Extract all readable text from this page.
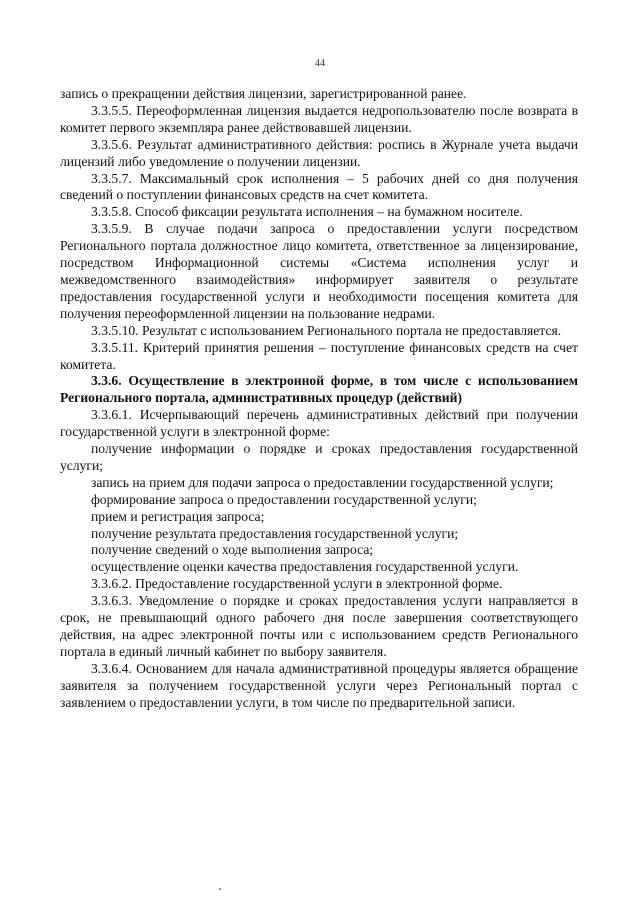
44

запись о прекращении действия лицензии, зарегистрированной ранее.

3.3.5.5. Переоформленная лицензия выдается недропользователю после возврата в комитет первого экземпляра ранее действовавшей лицензии.

3.3.5.6. Результат административного действия: роспись в Журнале учета выдачи лицензий либо уведомление о получении лицензии.

3.3.5.7. Максимальный срок исполнения – 5 рабочих дней со дня получения сведений о поступлении финансовых средств на счет комитета.

3.3.5.8. Способ фиксации результата исполнения – на бумажном носителе.

3.3.5.9. В случае подачи запроса о предоставлении услуги посредством Регионального портала должностное лицо комитета, ответственное за лицензирование, посредством Информационной системы «Система исполнения услуг и межведомственного взаимодействия» информирует заявителя о результате предоставления государственной услуги и необходимости посещения комитета для получения переоформленной лицензии на пользование недрами.

3.3.5.10. Результат с использованием Регионального портала не предоставляется.

3.3.5.11. Критерий принятия решения – поступление финансовых средств на счет комитета.

3.3.6. Осуществление в электронной форме, в том числе с использованием Регионального портала, административных процедур (действий)

3.3.6.1. Исчерпывающий перечень административных действий при получении государственной услуги в электронной форме:

получение информации о порядке и сроках предоставления государственной услуги;

запись на прием для подачи запроса о предоставлении государственной услуги;

формирование запроса о предоставлении государственной услуги;

прием и регистрация запроса;

получение результата предоставления государственной услуги;

получение сведений о ходе выполнения запроса;

осуществление оценки качества предоставления государственной услуги.

3.3.6.2. Предоставление государственной услуги в электронной форме.

3.3.6.3. Уведомление о порядке и сроках предоставления услуги направляется в срок, не превышающий одного рабочего дня после завершения соответствующего действия, на адрес электронной почты или с использованием средств Регионального портала в единый личный кабинет по выбору заявителя.

3.3.6.4. Основанием для начала административной процедуры является обращение заявителя за получением государственной услуги через Региональный портал с заявлением о предоставлении услуги, в том числе по предварительной записи.
